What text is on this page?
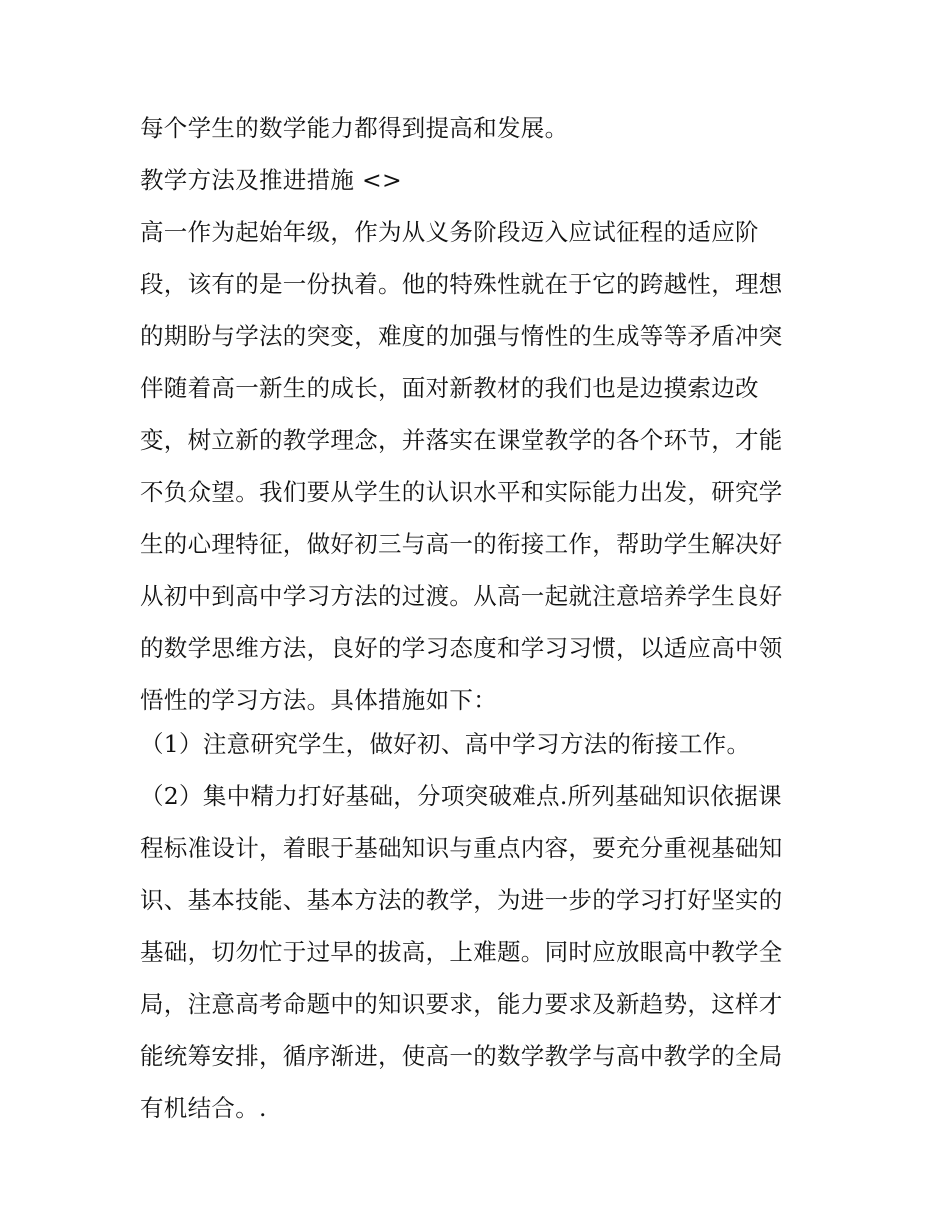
每个学生的数学能力都得到提高和发展。
教学方法及推进措施 <>
高一作为起始年级，作为从义务阶段迈入应试征程的适应阶
段，该有的是一份执着。他的特殊性就在于它的跨越性，理想
的期盼与学法的突变，难度的加强与惰性的生成等等矛盾冲突
伴随着高一新生的成长，面对新教材的我们也是边摸索边改
变，树立新的教学理念，并落实在课堂教学的各个环节，才能
不负众望。我们要从学生的认识水平和实际能力出发，研究学
生的心理特征，做好初三与高一的衔接工作，帮助学生解决好
从初中到高中学习方法的过渡。从高一起就注意培养学生良好
的数学思维方法，良好的学习态度和学习习惯，以适应高中领
悟性的学习方法。具体措施如下：
（1）注意研究学生，做好初、高中学习方法的衔接工作。
（2）集中精力打好基础，分项突破难点.所列基础知识依据课
程标准设计，着眼于基础知识与重点内容，要充分重视基础知
识、基本技能、基本方法的教学，为进一步的学习打好坚实的
基础，切勿忙于过早的拔高，上难题。同时应放眼高中教学全
局，注意高考命题中的知识要求，能力要求及新趋势，这样才
能统筹安排，循序渐进，使高一的数学教学与高中教学的全局
有机结合。.
